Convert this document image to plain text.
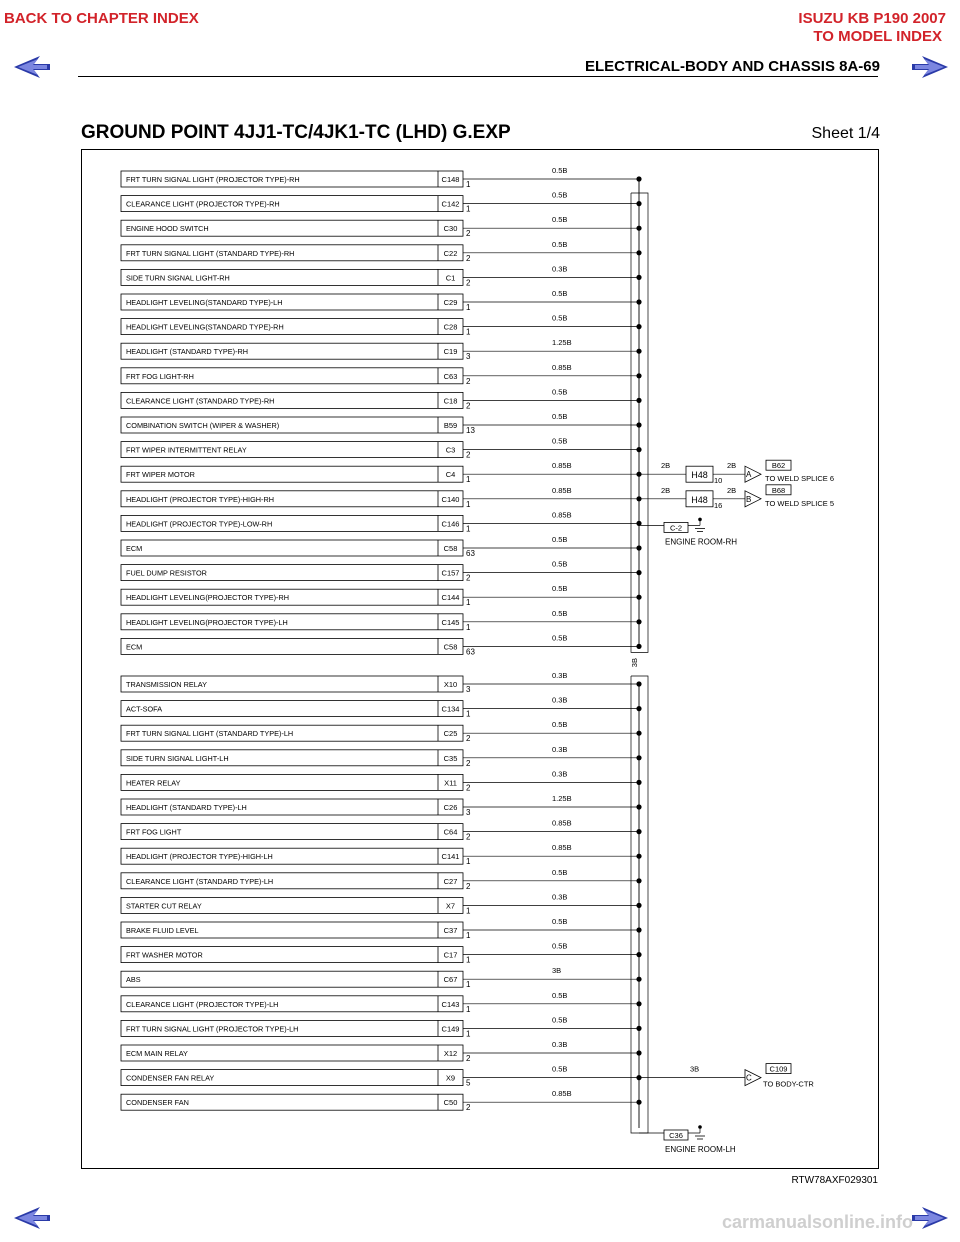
BACK TO CHAPTER INDEX	ISUZU KB P190 2007
TO MODEL INDEX
ELECTRICAL-BODY AND CHASSIS 8A-69
GROUND POINT 4JJ1-TC/4JK1-TC (LHD) G.EXP	Sheet 1/4
FRT TURN SIGNAL LIGHT (PROJECTOR TYPE)-RH	C148
1
0.5B
CLEARANCE LIGHT (PROJECTOR TYPE)-RH	C142
1
0.5B
ENGINE HOOD SWITCH	C30
2
0.5B
FRT TURN SIGNAL LIGHT (STANDARD TYPE)-RH	C22
2
0.5B
SIDE TURN SIGNAL LIGHT-RH	C1
2
0.3B
HEADLIGHT LEVELING(STANDARD TYPE)-LH	C29
1
0.5B
HEADLIGHT LEVELING(STANDARD TYPE)-RH	C28
1
0.5B
HEADLIGHT (STANDARD TYPE)-RH	C19
3
1.25B
FRT FOG LIGHT-RH	C63
2
0.85B
CLEARANCE LIGHT (STANDARD TYPE)-RH	C18
2
0.5B
COMBINATION SWITCH (WIPER & WASHER)	B59
13
0.5B
FRT WIPER INTERMITTENT RELAY	C3
2
0.5B
FRT WIPER MOTOR	C4
1
0.85B
HEADLIGHT (PROJECTOR TYPE)-HIGH-RH	C140
1
0.85B
HEADLIGHT (PROJECTOR TYPE)-LOW-RH	C146
1
0.85B
ECM	C58
63
0.5B
FUEL DUMP RESISTOR	C157
2
0.5B
HEADLIGHT LEVELING(PROJECTOR TYPE)-RH	C144
1
0.5B
HEADLIGHT LEVELING(PROJECTOR TYPE)-LH	C145
1
0.5B
ECM	C58
63
0.5B
3B
TRANSMISSION RELAY	X10
3
0.3B
ACT-SOFA	C134
1
0.3B
FRT TURN SIGNAL LIGHT (STANDARD TYPE)-LH	C25
2
0.5B
SIDE TURN SIGNAL LIGHT-LH	C35
2
0.3B
HEATER RELAY	X11
2
0.3B
HEADLIGHT (STANDARD TYPE)-LH	C26
3
1.25B
FRT FOG LIGHT	C64
2
0.85B
HEADLIGHT (PROJECTOR TYPE)-HIGH-LH	C141
1
0.85B
CLEARANCE LIGHT (STANDARD TYPE)-LH	C27
2
0.5B
STARTER CUT RELAY	X7
1
0.3B
BRAKE FLUID LEVEL	C37
1
0.5B
FRT WASHER MOTOR	C17
1
0.5B
ABS	C67
1
3B
CLEARANCE LIGHT (PROJECTOR TYPE)-LH	C143
1
0.5B
FRT TURN SIGNAL LIGHT (PROJECTOR TYPE)-LH	C149
1
0.5B
ECM MAIN RELAY	X12
2
0.3B
CONDENSER FAN RELAY	X9
5
0.5B
CONDENSER FAN	C50
2
0.85B
2B
H48
10
2B
A
B62
TO WELD SPLICE 6
2B
H48
16
2B
B
B68
TO WELD SPLICE 5
C-2
ENGINE ROOM-RH
3B
C
C109
TO BODY-CTR
C36
ENGINE ROOM-LH
RTW78AXF029301
carmanualsonline.info
